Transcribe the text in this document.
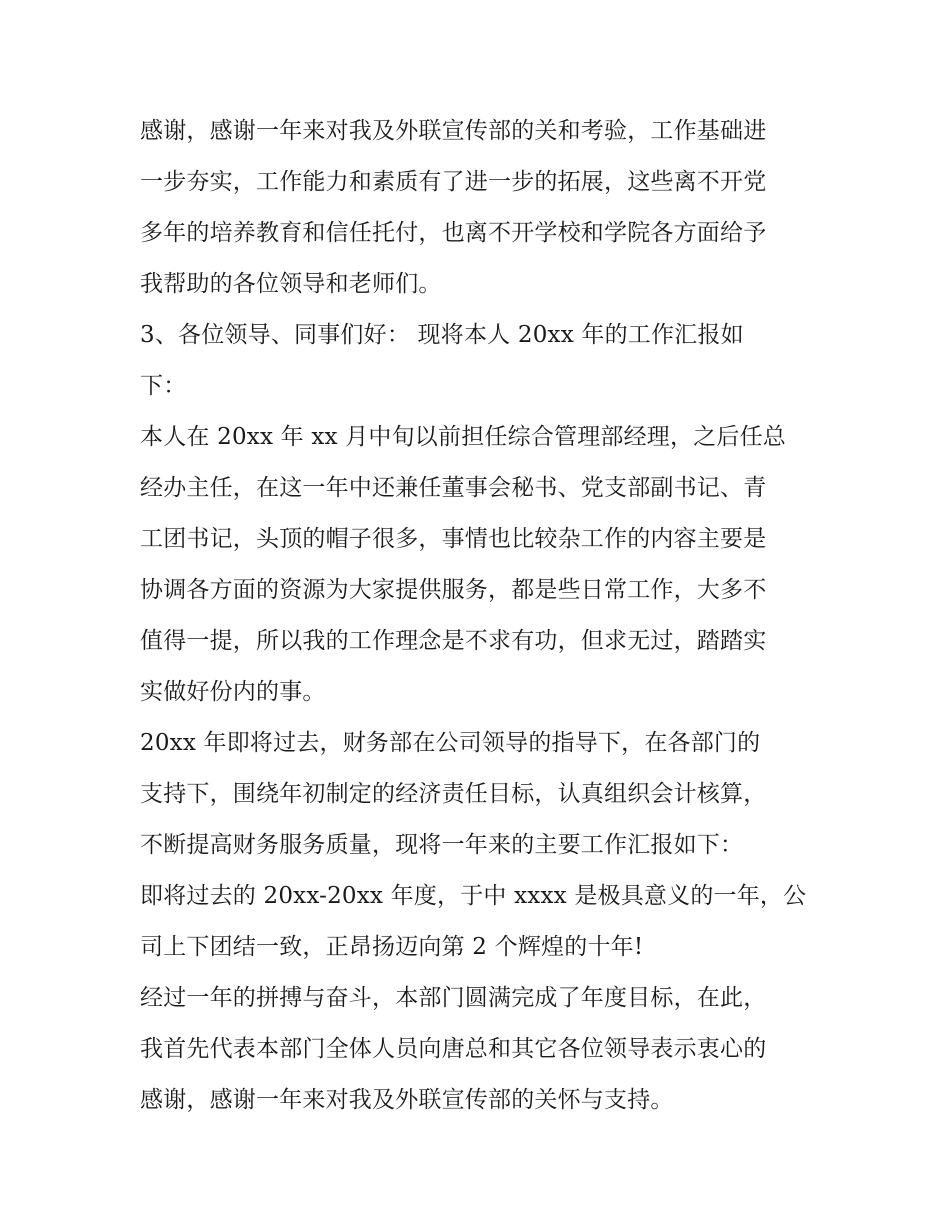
感谢，感谢一年来对我及外联宣传部的关和考验，工作基础进
一步夯实，工作能力和素质有了进一步的拓展，这些离不开党
多年的培养教育和信任托付，也离不开学校和学院各方面给予
我帮助的各位领导和老师们。
3、各位领导、同事们好： 现将本人 20xx 年的工作汇报如
下：
本人在 20xx 年 xx 月中旬以前担任综合管理部经理，之后任总
经办主任，在这一年中还兼任董事会秘书、党支部副书记、青
工团书记，头顶的帽子很多，事情也比较杂工作的内容主要是
协调各方面的资源为大家提供服务，都是些日常工作，大多不
值得一提，所以我的工作理念是不求有功，但求无过，踏踏实
实做好份内的事。
20xx 年即将过去，财务部在公司领导的指导下，在各部门的
支持下，围绕年初制定的经济责任目标，认真组织会计核算，
不断提高财务服务质量，现将一年来的主要工作汇报如下：
即将过去的 20xx-20xx 年度，于中 xxxx 是极具意义的一年，公
司上下团结一致，正昂扬迈向第 2 个辉煌的十年!
经过一年的拼搏与奋斗，本部门圆满完成了年度目标，在此，
我首先代表本部门全体人员向唐总和其它各位领导表示衷心的
感谢，感谢一年来对我及外联宣传部的关怀与支持。
